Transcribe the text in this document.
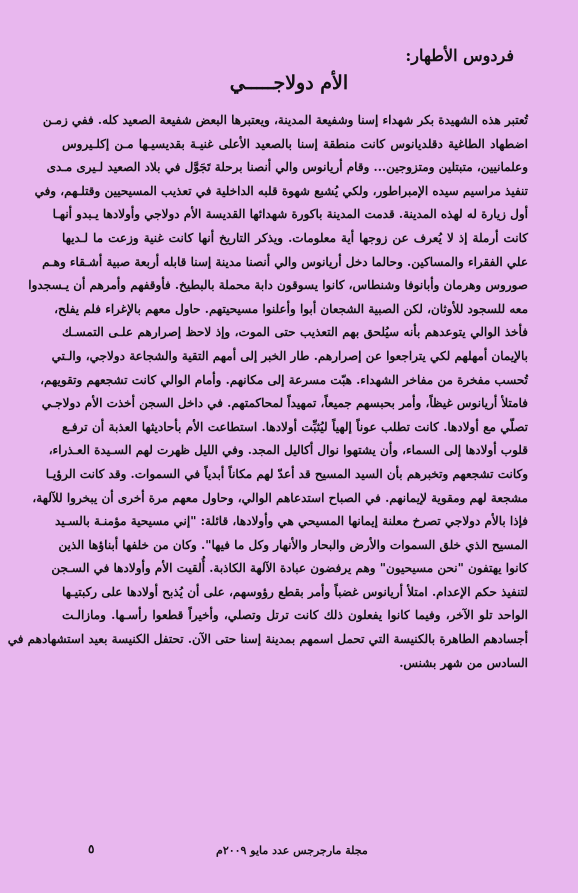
فردوس الأطهار:
الأم دولاجـــــي
تُعتبر هذه الشهيدة بكر شهداء إسنا وشفيعة المدينة، ويعتبرها البعض شفيعة الصعيد كله. ففي زمـن
اضطهاد الطاغية دقلديانوس كانت منطقة إسنا بالصعيد الأعلى غنيـة بقديسيـها مـن إكلـيروس
وعلمانيين، متبتلين ومتزوجين... وقام أريانوس والي أنصنا برحلة تَجَوَّل في بلاد الصعيد لـيرى مـدى
تنفيذ مراسيم سيده الإمبراطور، ولكي يُشبع شهوة قلبه الداخلية في تعذيب المسيحيين وقتلـهم، وفي
أول زيارة له لهذه المدينة. قدمت المدينة باكورة شهدائها القديسة الأم دولاجي وأولادها يـبدو أنهـا
كانت أرملة إذ لا يُعرف عن زوجها أية معلومات. ويذكر التاريخ أنها كانت غنية وزعت ما لـديها
علي الفقراء والمساكين. وحالما دخل أريانوس والي أنصنا مدينة إسنا قابله أربعة صبية أشـقاء وهـم
صوروس وهرمان وأبانوفا وشنطاس، كانوا يسوقون دابة محملة بالبطيخ. فأوقفهم وأمرهم أن يـسجدوا
معه للسجود للأوثان، لكن الصبية الشجعان أبوا وأعلنوا مسيحيتهم. حاول معهم بالإغراء فلم يفلح،
فأخذ الوالي يتوعدهم بأنه سيُلحق بهم التعذيب حتى الموت، وإذ لاحظ إصرارهم علـى التمسـك
بالإيمان أمهلهم لكي يتراجعوا عن إصرارهم. طار الخبر إلى أمهم التقية والشجاعة دولاجي، والـتي
تُحسب مفخرة من مفاخر الشهداء. هبّت مسرعة إلى مكانهم. وأمام الوالي كانت تشجعهم وتقويهم،
فامتلأ أريانوس غيظاً، وأمر بحبسهم جميعاً، تمهيداً لمحاكمتهم. في داخل السجن أخذت الأم دولاجـي
تصلّي مع أولادها. كانت تطلب عوناً إلهياً ليُثبِّت أولادها. استطاعت الأم بأحاديثها العذبة أن ترفـع
قلوب أولادها إلى السماء، وأن يشتهوا نوال أكاليل المجد. وفي الليل ظهرت لهم السـيدة العـذراء،
وكانت تشجعهم وتخبرهم بأن السيد المسيح قد أعدّ لهم مكاناً أبدياً في السموات. وقد كانت الرؤيـا
مشجعة لهم ومقوية لإيمانهم. في الصباح استدعاهم الوالي، وحاول معهم مرة أخرى أن يبخروا للآلهة،
فإذا بالأم دولاجي تصرخ معلنة إيمانها المسيحي هي وأولادها، قائلة: "إني مسيحية مؤمنـة بالسـيد
المسيح الذي خلق السموات والأرض والبحار والأنهار وكل ما فيها". وكان من خلفها أبناؤها الذين
كانوا يهتفون "نحن مسيحيون" وهم يرفضون عبادة الآلهة الكاذبة. أُلقيت الأم وأولادها في السـجن
لتنفيذ حكم الإعدام. امتلأ أريانوس غضباً وأمر بقطع رؤوسهم، على أن يُذبح أولادها على ركبتيـها
الواحد تلو الآخر، وفيما كانوا يفعلون ذلك كانت ترتل وتصلي، وأخيراً قطعوا رأسـها. ومازالـت
أجسادهم الطاهرة بالكنيسة التي تحمل اسمهم بمدينة إسنا حتى الآن. تحتفل الكنيسة بعيد استشهادهم في
السادس من شهر بشنس.
مجلة مارجرجس عدد مايو ٢٠٠٩م
٥
